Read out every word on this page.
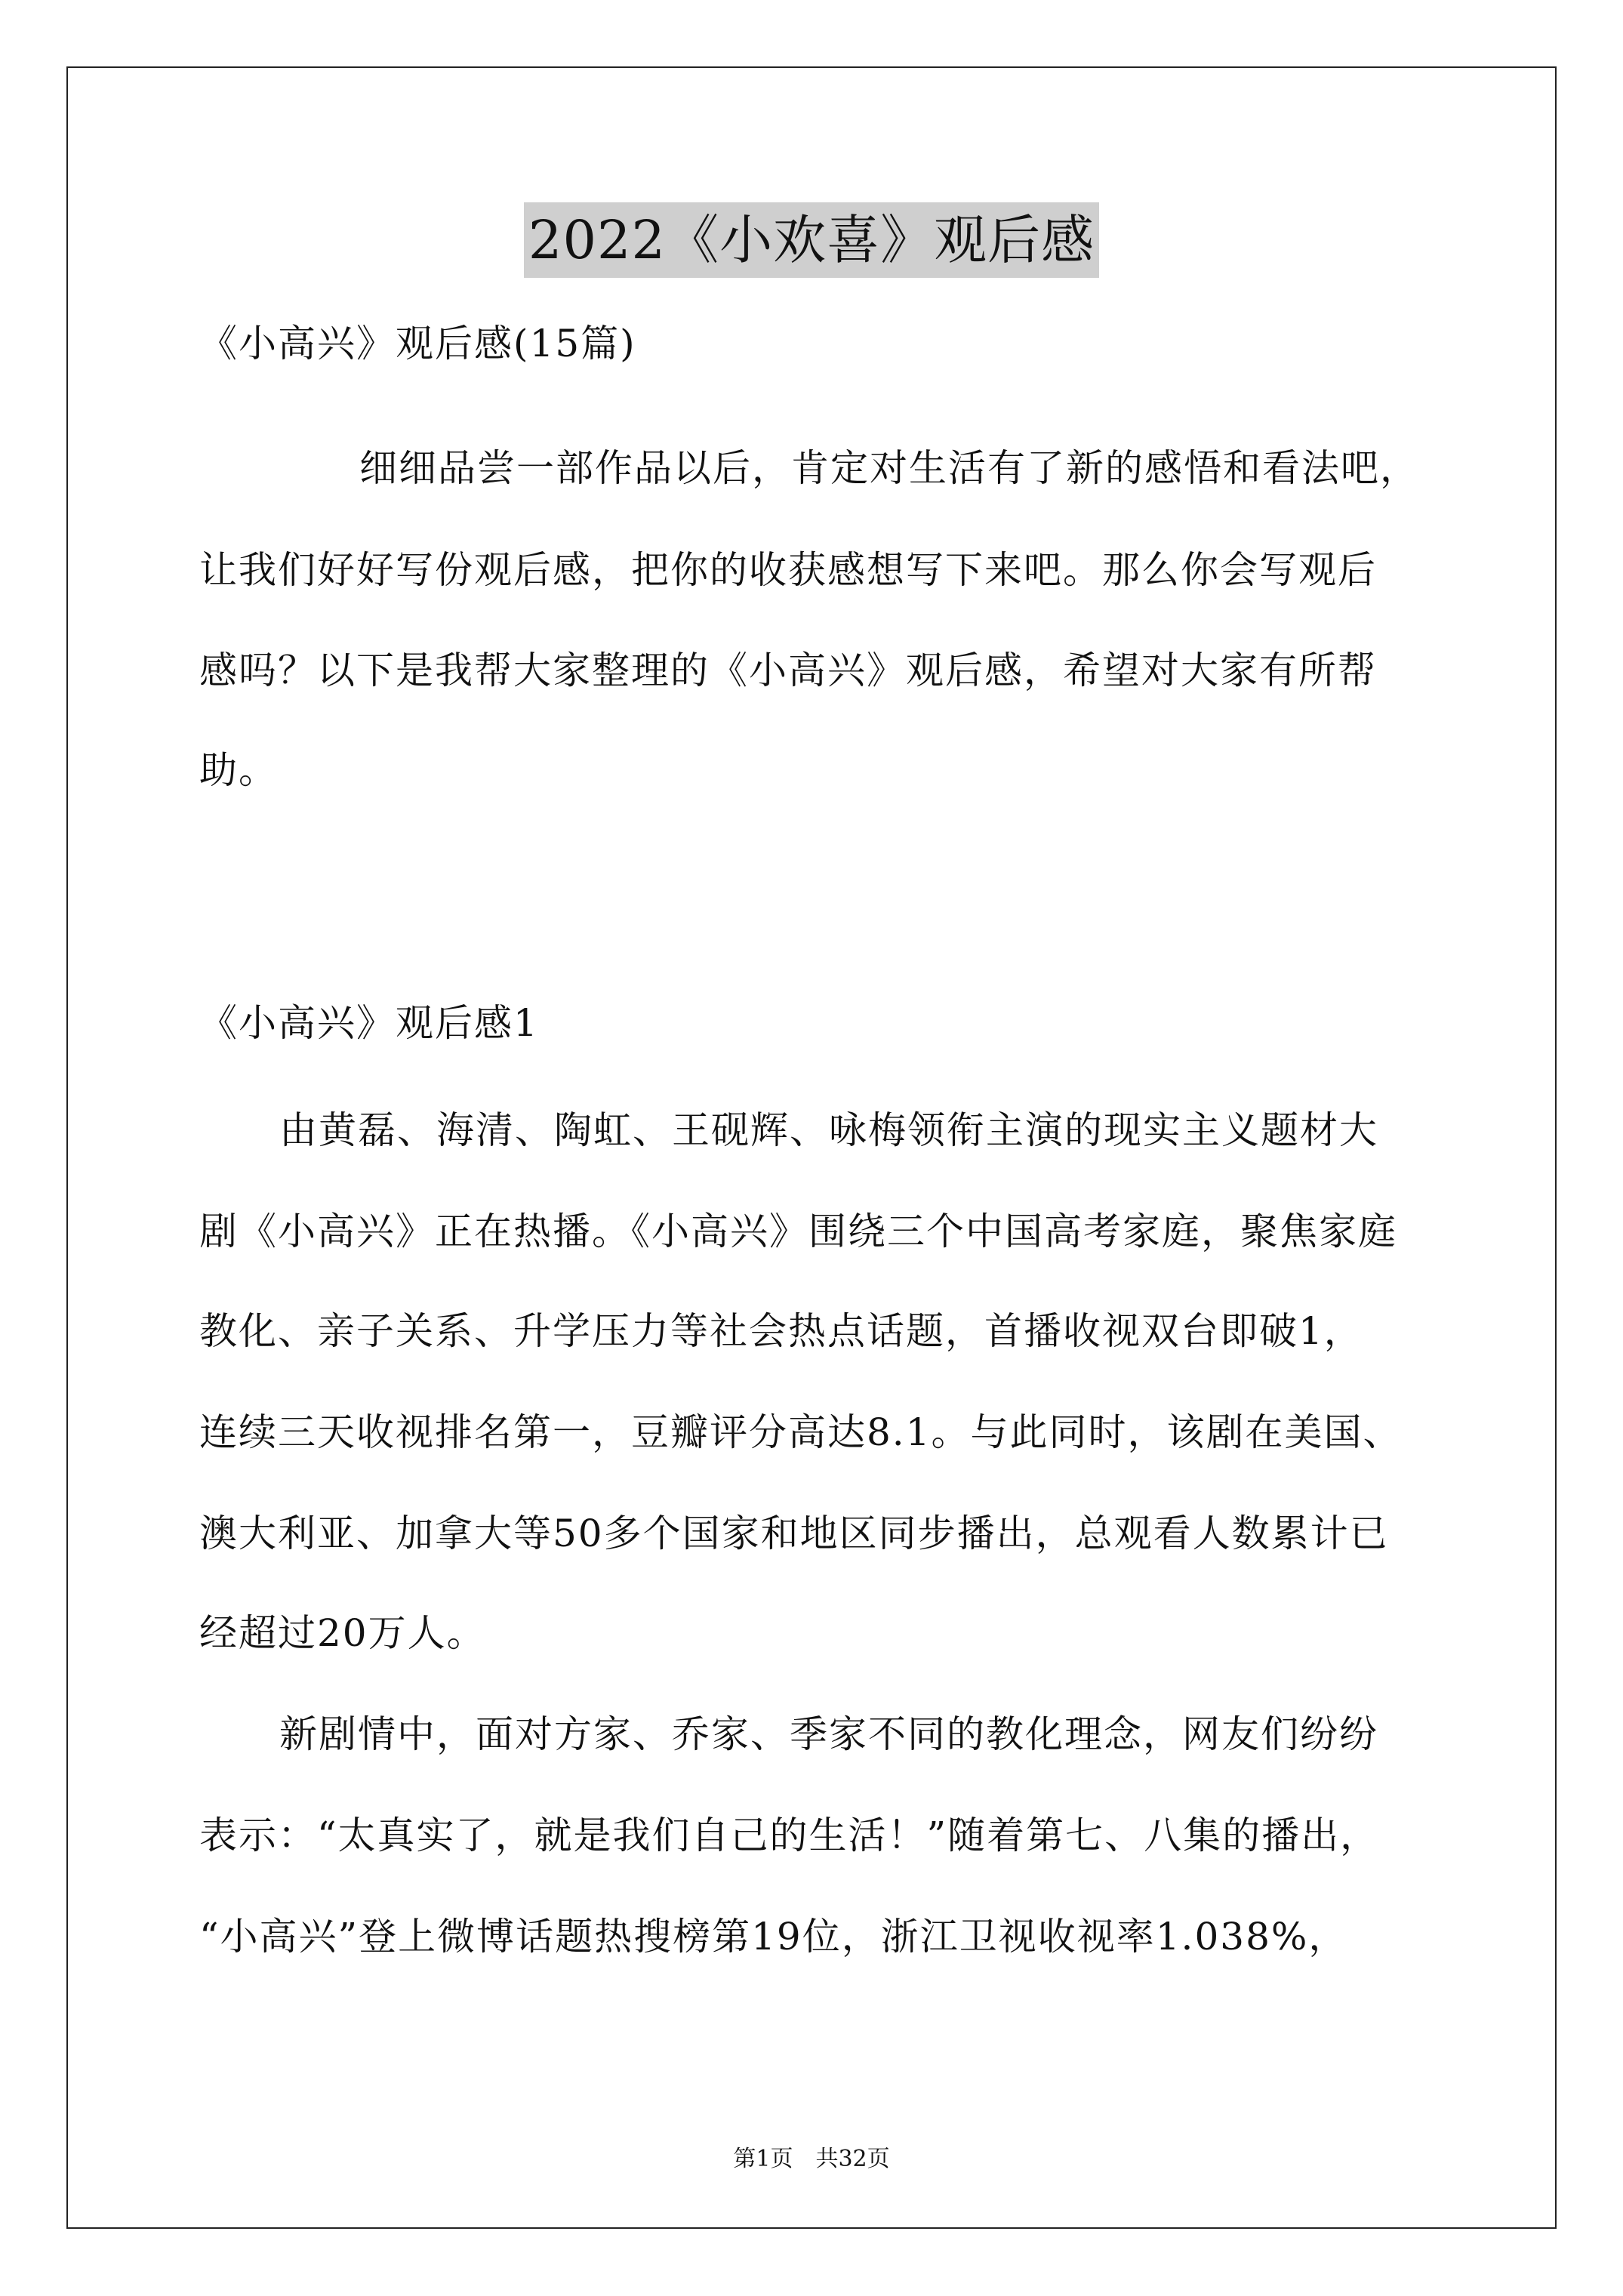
2022《小欢喜》观后感
《小高兴》观后感(15篇)
细细品尝一部作品以后，肯定对生活有了新的感悟和看法吧，
让我们好好写份观后感，把你的收获感想写下来吧。那么你会写观后
感吗？以下是我帮大家整理的《小高兴》观后感，希望对大家有所帮
助。
《小高兴》观后感1
由黄磊、海清、陶虹、王砚辉、咏梅领衔主演的现实主义题材大
剧《小高兴》正在热播。《小高兴》围绕三个中国高考家庭，聚焦家庭
教化、亲子关系、升学压力等社会热点话题，首播收视双台即破1，
连续三天收视排名第一，豆瓣评分高达8.1。与此同时，该剧在美国、
澳大利亚、加拿大等50多个国家和地区同步播出，总观看人数累计已
经超过20万人。
新剧情中，面对方家、乔家、季家不同的教化理念，网友们纷纷
表示：“太真实了，就是我们自己的生活！”随着第七、八集的播出，
“小高兴”登上微博话题热搜榜第19位，浙江卫视收视率1.038%，
第1页　共32页
